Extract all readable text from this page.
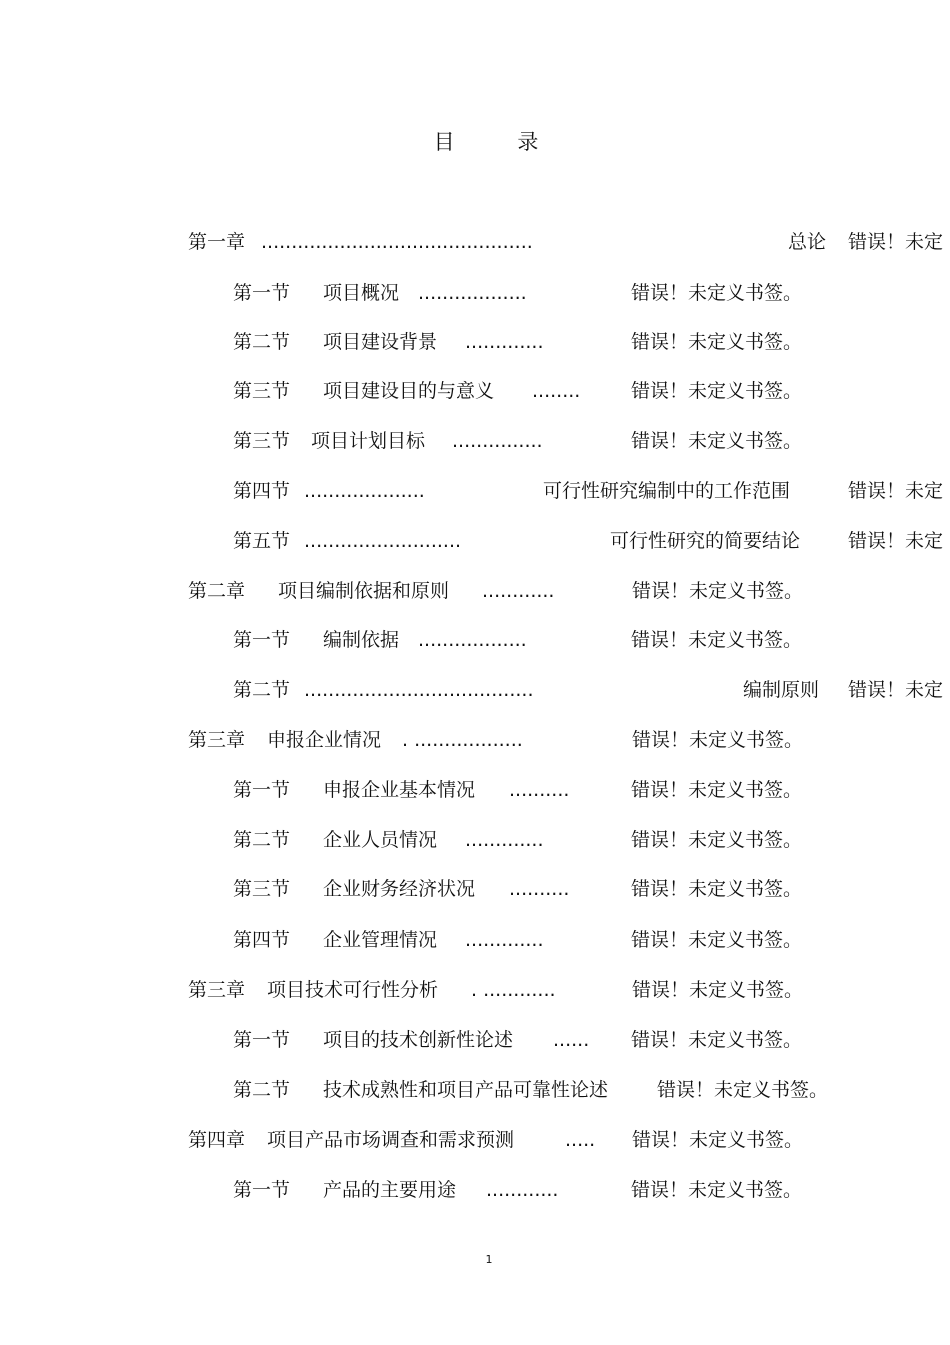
目 录
第一章 .............................................	总论 错误！未定
第一节 项目概况 ..................	错误！未定义书签。
第二节 项目建设背景 .............	错误！未定义书签。
第三节 项目建设目的与意义 ........	错误！未定义书签。
第三节 项目计划目标 ...............	错误！未定义书签。
第四节 ....................	可行性研究编制中的工作范围	错误！未定
第五节 ..........................	可行性研究的简要结论	错误！未定
第二章 项目编制依据和原则 ............	错误！未定义书签。
第一节 编制依据 ..................	错误！未定义书签。
第二节 ......................................	编制原则 错误！未定
第三章 申报企业情况 . ..................	错误！未定义书签。
第一节 申报企业基本情况 ..........	错误！未定义书签。
第二节 企业人员情况 .............	错误！未定义书签。
第三节 企业财务经济状况 ..........	错误！未定义书签。
第四节 企业管理情况 .............	错误！未定义书签。
第三章 项目技术可行性分析 . ............	错误！未定义书签。
第一节 项目的技术创新性论述 ...... 错误！未定义书签。
第二节 技术成熟性和项目产品可靠性论述	错误！未定义书签。
第四章 项目产品市场调查和需求预测	..... 错误！未定义书签。
第一节 产品的主要用途 ............	错误！未定义书签。
1
